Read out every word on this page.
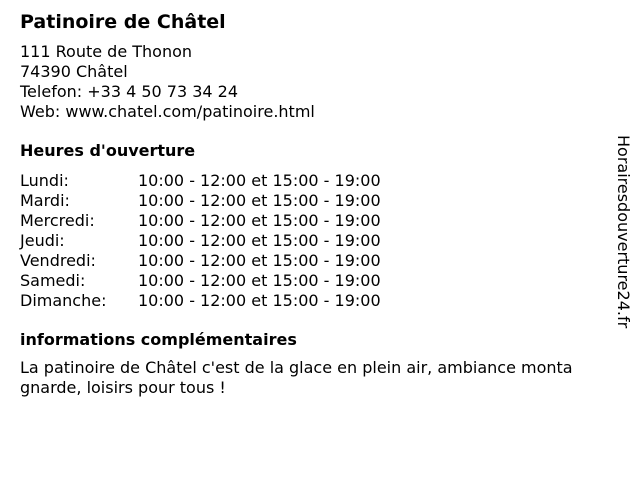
Patinoire de Châtel
111 Route de Thonon
74390 Châtel
Telefon: +33 4 50 73 34 24
Web: www.chatel.com/patinoire.html
Heures d'ouverture
Lundi:	10:00 - 12:00 et 15:00 - 19:00
Mardi:	10:00 - 12:00 et 15:00 - 19:00
Mercredi:	10:00 - 12:00 et 15:00 - 19:00
Jeudi:	10:00 - 12:00 et 15:00 - 19:00
Vendredi:	10:00 - 12:00 et 15:00 - 19:00
Samedi:	10:00 - 12:00 et 15:00 - 19:00
Dimanche:	10:00 - 12:00 et 15:00 - 19:00
informations complémentaires
La patinoire de Châtel c'est de la glace en plein air, ambiance montagnarde, loisirs pour tous !
Horairesdouverture24.fr
